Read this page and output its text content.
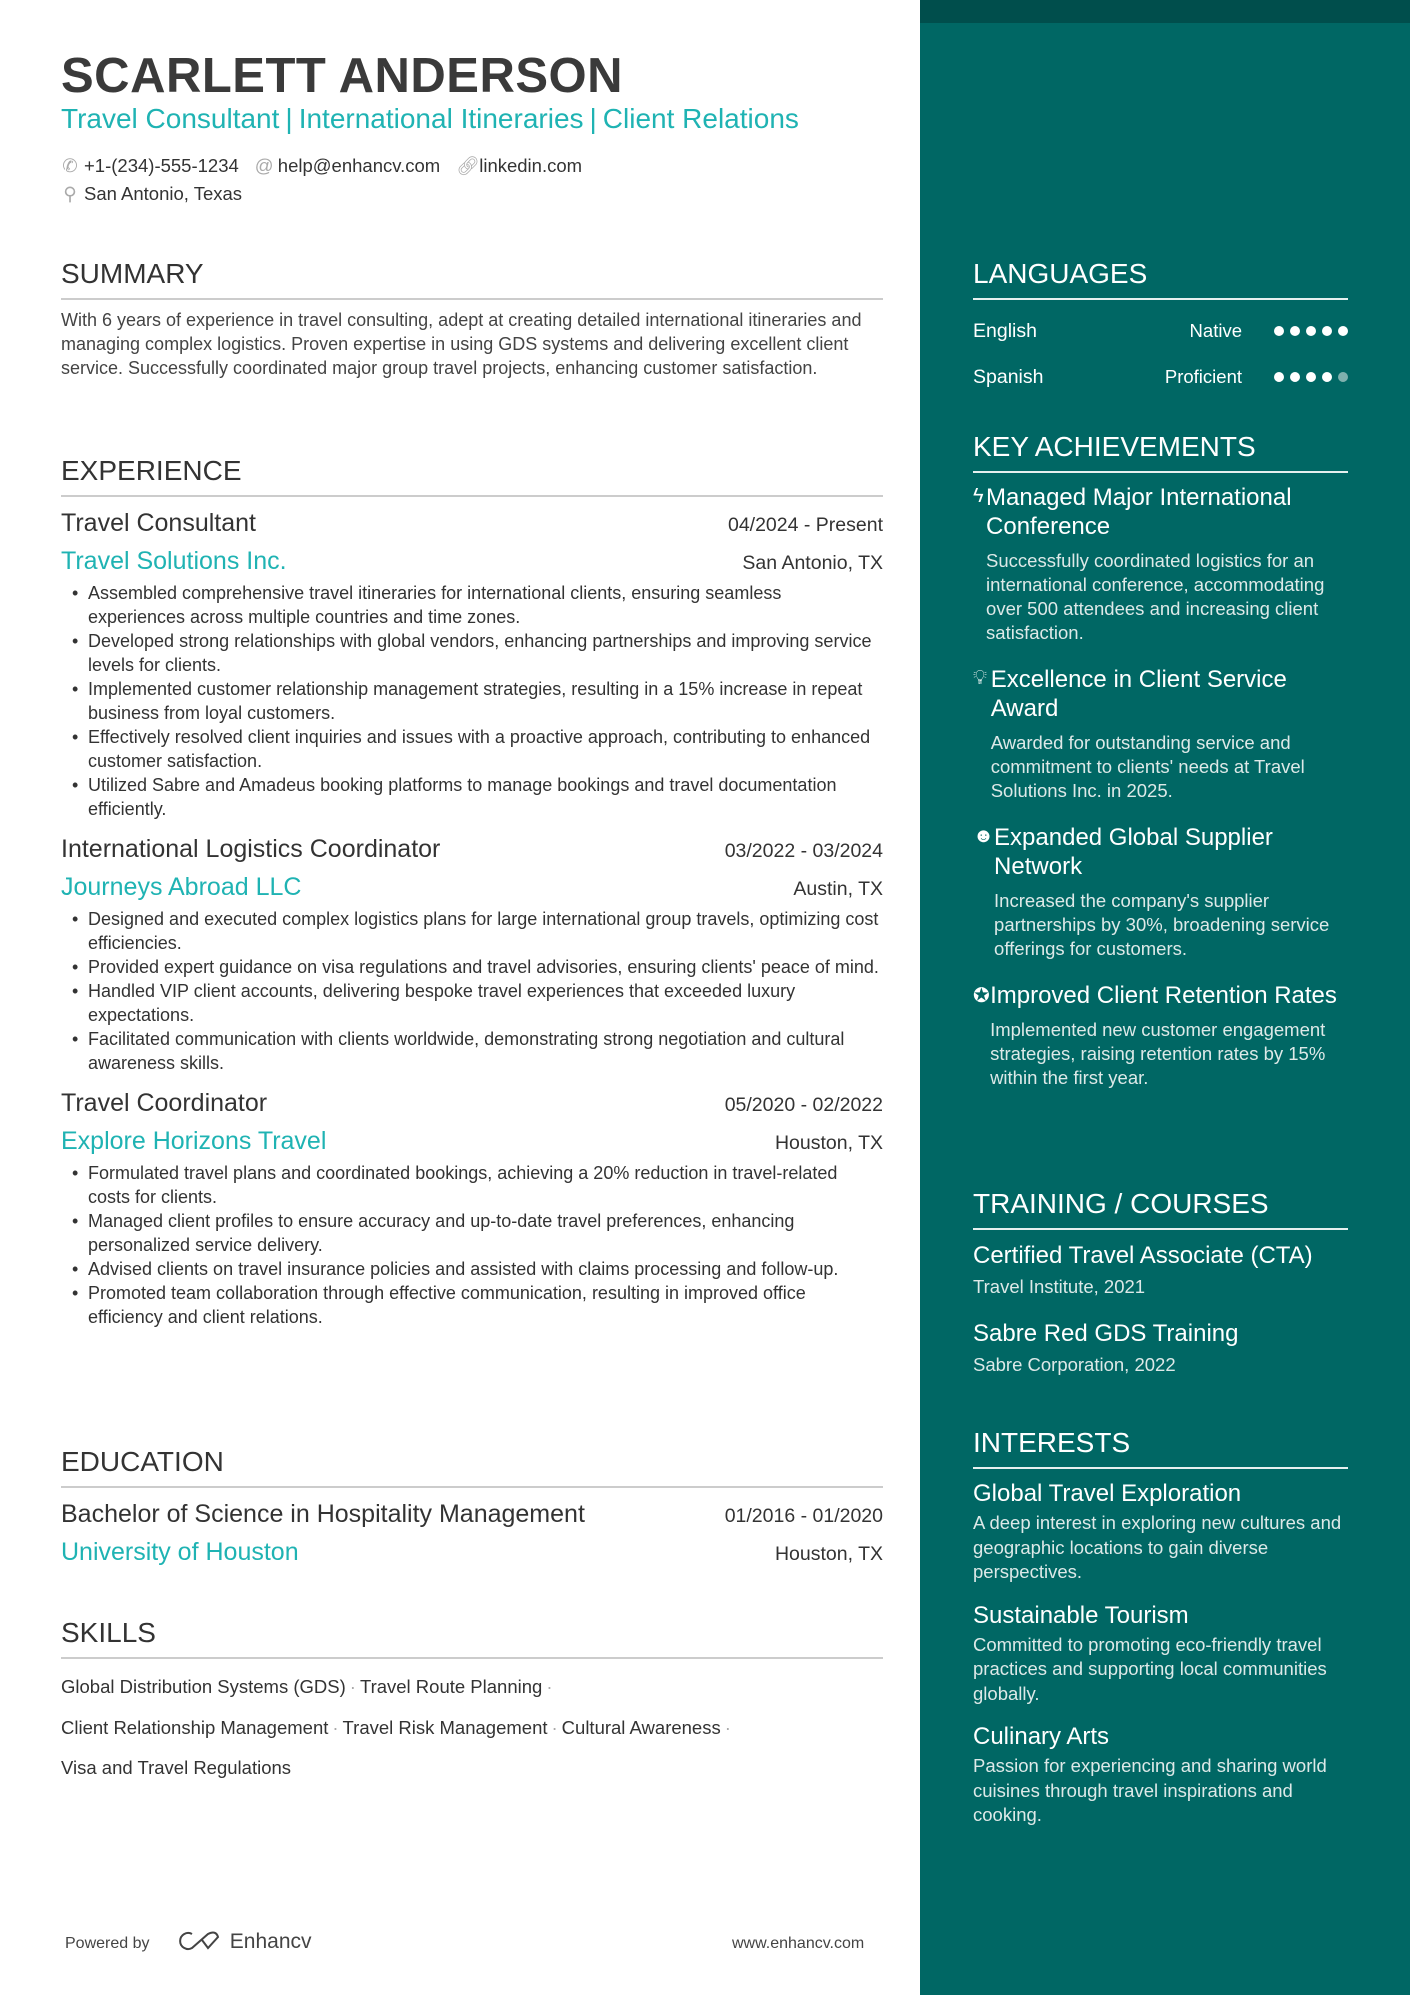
SCARLETT ANDERSON
Travel Consultant | International Itineraries | Client Relations
✆ +1-(234)-555-1234 @ help@enhancv.com 🔗︎linkedin.com
⚲ San Antonio, Texas
SUMMARY

With 6 years of experience in travel consulting, adept at creating detailed international itineraries and managing complex logistics. Proven expertise in using GDS systems and delivering excellent client service. Successfully coordinated major group travel projects, enhancing customer satisfaction.

EXPERIENCE
Travel Consultant	04/2024 - Present
Travel Solutions Inc.	San Antonio, TX
• Assembled comprehensive travel itineraries for international clients, ensuring seamless experiences across multiple countries and time zones.
• Developed strong relationships with global vendors, enhancing partnerships and improving service levels for clients.
• Implemented customer relationship management strategies, resulting in a 15% increase in repeat business from loyal customers.
• Effectively resolved client inquiries and issues with a proactive approach, contributing to enhanced customer satisfaction.
• Utilized Sabre and Amadeus booking platforms to manage bookings and travel documentation efficiently.
International Logistics Coordinator	03/2022 - 03/2024
Journeys Abroad LLC	Austin, TX
• Designed and executed complex logistics plans for large international group travels, optimizing cost efficiencies.
• Provided expert guidance on visa regulations and travel advisories, ensuring clients' peace of mind.
• Handled VIP client accounts, delivering bespoke travel experiences that exceeded luxury expectations.
• Facilitated communication with clients worldwide, demonstrating strong negotiation and cultural awareness skills.
Travel Coordinator	05/2020 - 02/2022
Explore Horizons Travel	Houston, TX
• Formulated travel plans and coordinated bookings, achieving a 20% reduction in travel-related costs for clients.
• Managed client profiles to ensure accuracy and up-to-date travel preferences, enhancing personalized service delivery.
• Advised clients on travel insurance policies and assisted with claims processing and follow-up.
• Promoted team collaboration through effective communication, resulting in improved office efficiency and client relations.
EDUCATION
Bachelor of Science in Hospitality Management	01/2016 - 01/2020
University of Houston	Houston, TX
SKILLS
Global Distribution Systems (GDS) · Travel Route Planning ·
Client Relationship Management · Travel Risk Management · Cultural Awareness ·
Visa and Travel Regulations
LANGUAGES
English	Native
Spanish	Proficient
KEY ACHIEVEMENTS
ϟ Managed Major International Conference
Successfully coordinated logistics for an international conference, accommodating over 500 attendees and increasing client satisfaction.
💡︎ Excellence in Client Service Award
Awarded for outstanding service and commitment to clients' needs at Travel Solutions Inc. in 2025.
☻ Expanded Global Supplier Network
Increased the company's supplier partnerships by 30%, broadening service offerings for customers.
✪ Improved Client Retention Rates
Implemented new customer engagement strategies, raising retention rates by 15% within the first year.
TRAINING / COURSES
Certified Travel Associate (CTA)
Travel Institute, 2021
Sabre Red GDS Training
Sabre Corporation, 2022
INTERESTS
Global Travel Exploration
A deep interest in exploring new cultures and geographic locations to gain diverse perspectives.
Sustainable Tourism
Committed to promoting eco-friendly travel practices and supporting local communities globally.
Culinary Arts
Passion for experiencing and sharing world cuisines through travel inspirations and cooking.
Powered by	Enhancv	www.enhancv.com
